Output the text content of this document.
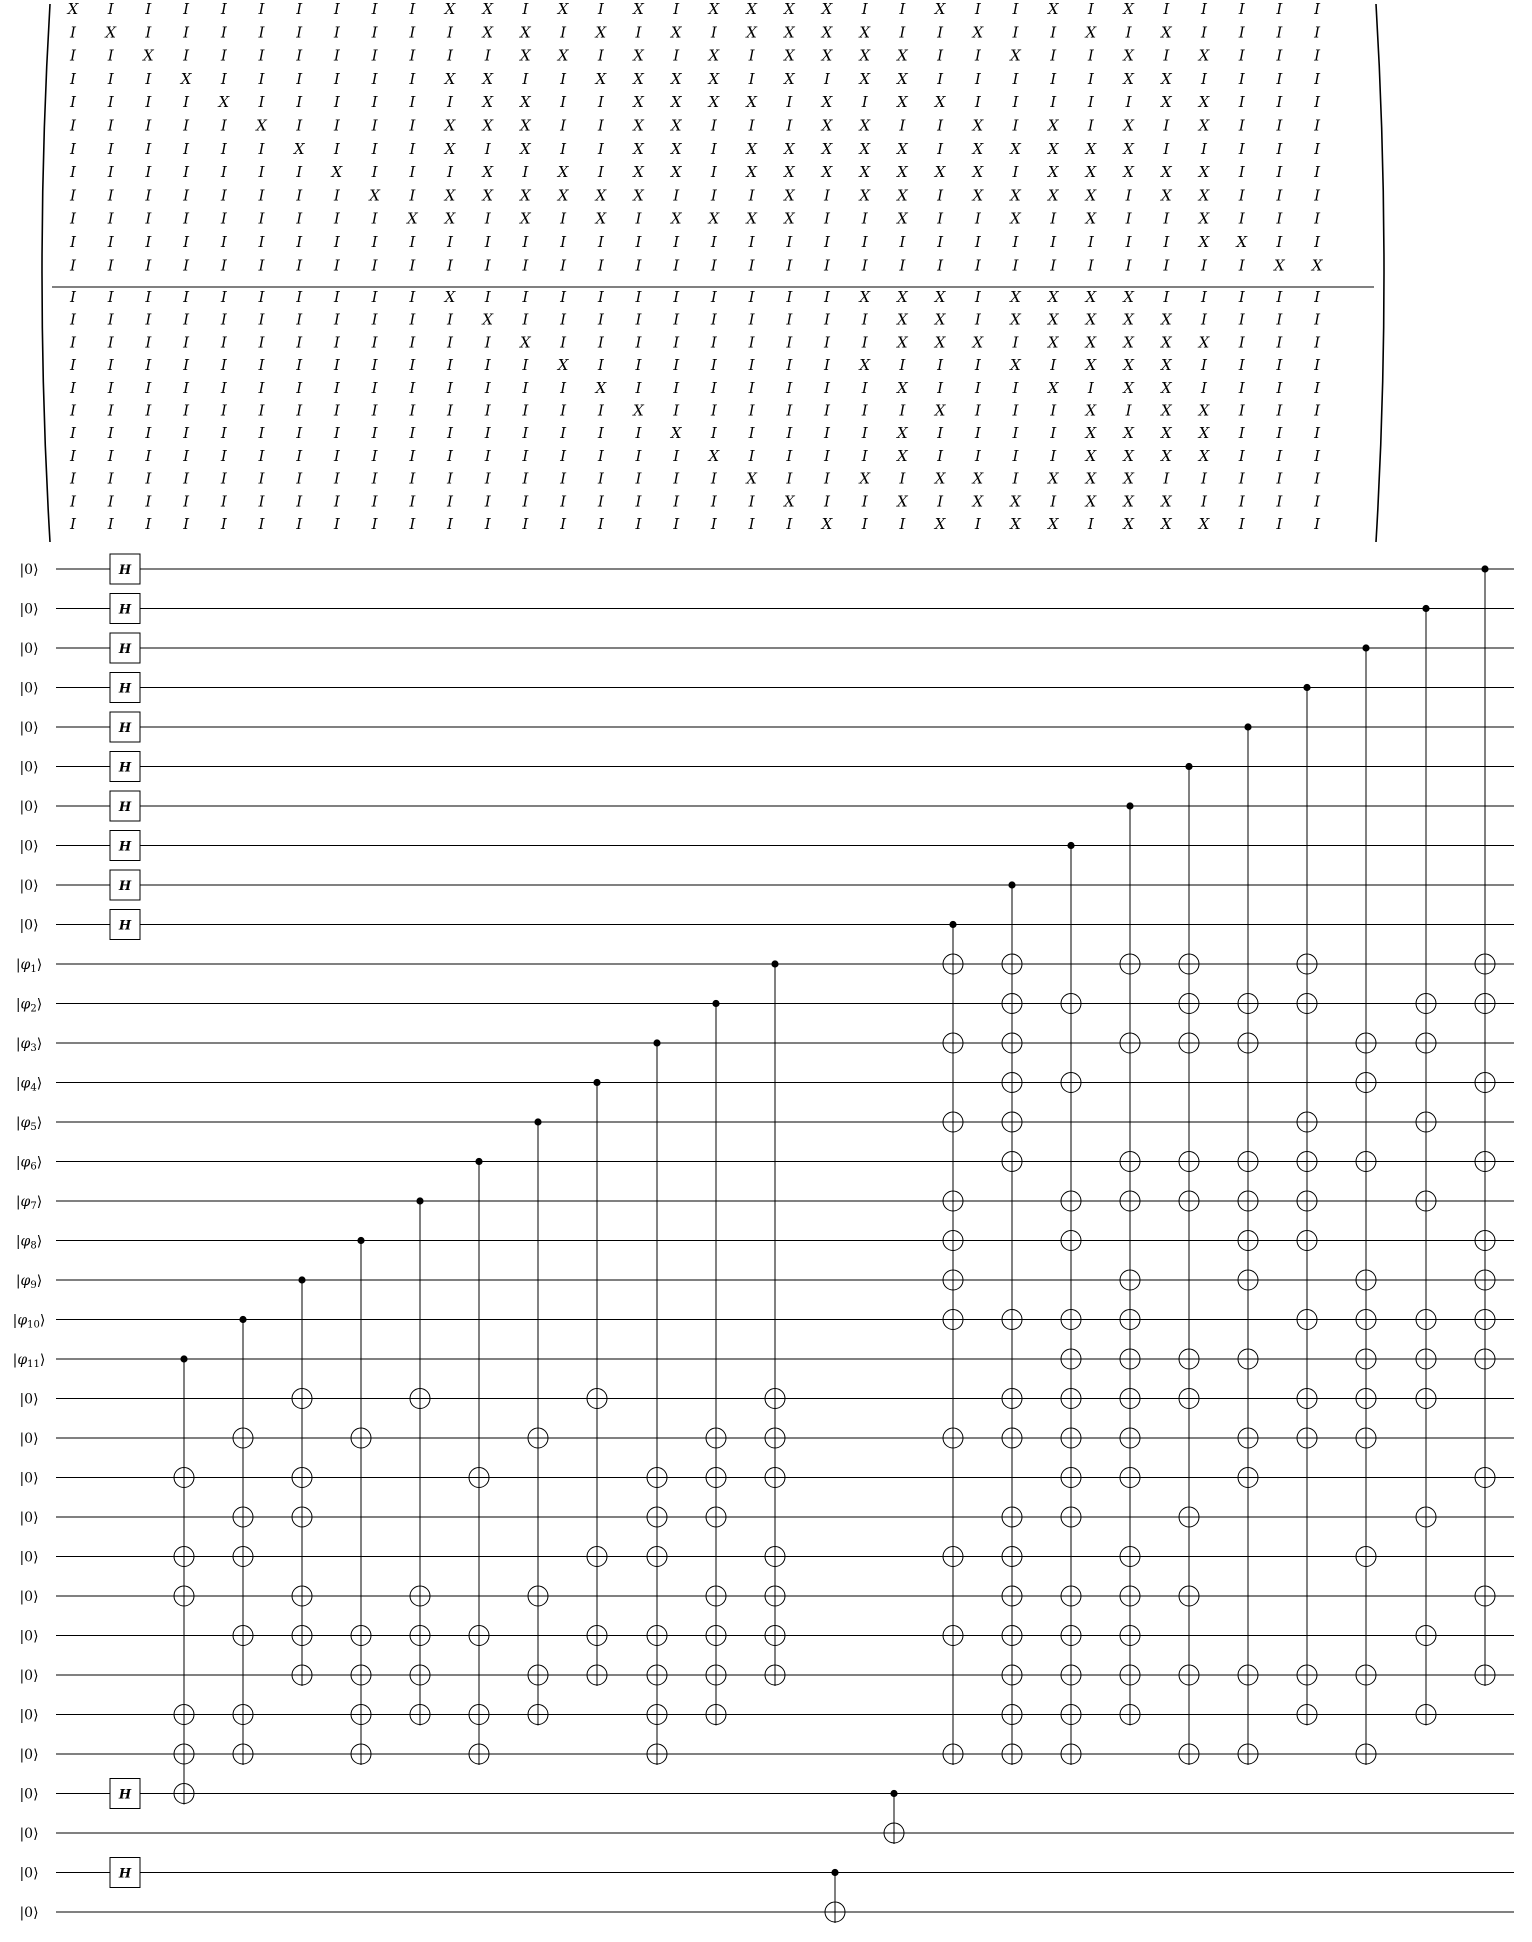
X I I I I I I I I I X X I X I X I X X X X I I X I I X I X I I I I I
I X I I I I I I I I I X X I X I X I X X X X I I X I I X I X I I I I
I I X I I I I I I I I I X X I X I X I X X X X I I X I I X I X I I I
I I I X I I I I I I X X I I X X X X I X I X X I I I I I X X I I I I
I I I I X I I I I I I X X I I X X X X I X I X X I I I I I X X I I I
I I I I I X I I I I X X X I I X X I I I X X I I X I X I X I X I I I
I I I I I I X I I I X I X I I X X I X X X X X I X X X X X I I I I I
I I I I I I I X I I I X I X I X X I X X X X X X X I X X X X X I I I
I I I I I I I I X I X X X X X X I I I X I X X I X X X X I X X I I I
I I I I I I I I I X X I X I X I X X X X I I X I I X I X I I X I I I
I I I I I I I I I I I I I I I I I I I I I I I I I I I I I I X X I I
I I I I I I I I I I I I I I I I I I I I I I I I I I I I I I I I X X
I I I I I I I I I I X I I I I I I I I I I X X X I X X X X I I I I I
I I I I I I I I I I I X I I I I I I I I I I X X I X X X X X I I I I
I I I I I I I I I I I I X I I I I I I I I I X X X I X X X X X I I I
I I I I I I I I I I I I I X I I I I I I I X I I I X I X X X I I I I
I I I I I I I I I I I I I I X I I I I I I I X I I I X I X X I I I I
I I I I I I I I I I I I I I I X I I I I I I I X I I I X I X X I I I
I I I I I I I I I I I I I I I I X I I I I I X I I I I X X X X I I I
I I I I I I I I I I I I I I I I I X I I I I X I I I I X X X X I I I
I I I I I I I I I I I I I I I I I I X I I X I X X I X X X I I I I I
I I I I I I I I I I I I I I I I I I I X I I X I X X I X X X I I I I
I I I I I I I I I I I I I I I I I I I I X I I X I X X I X X X I I I
|0⟩
|0⟩
|0⟩
|0⟩
|0⟩
|0⟩
|0⟩
|0⟩
|0⟩
|0⟩
$|\varphi_1⟩$
$|\varphi_2⟩$
$|\varphi_3⟩$
$|\varphi_4⟩$
$|\varphi_5⟩$
$|\varphi_6⟩$
$|\varphi_7⟩$
$|\varphi_8⟩$
$|\varphi_9⟩$
$|\varphi_{10}⟩$
$|\varphi_{11}⟩$
|0⟩
|0⟩
|0⟩
|0⟩
|0⟩
|0⟩
|0⟩
|0⟩
|0⟩
|0⟩
|0⟩
|0⟩
|0⟩
|0⟩
H
H
H
H
H
H
H
H
H
H
H
H
